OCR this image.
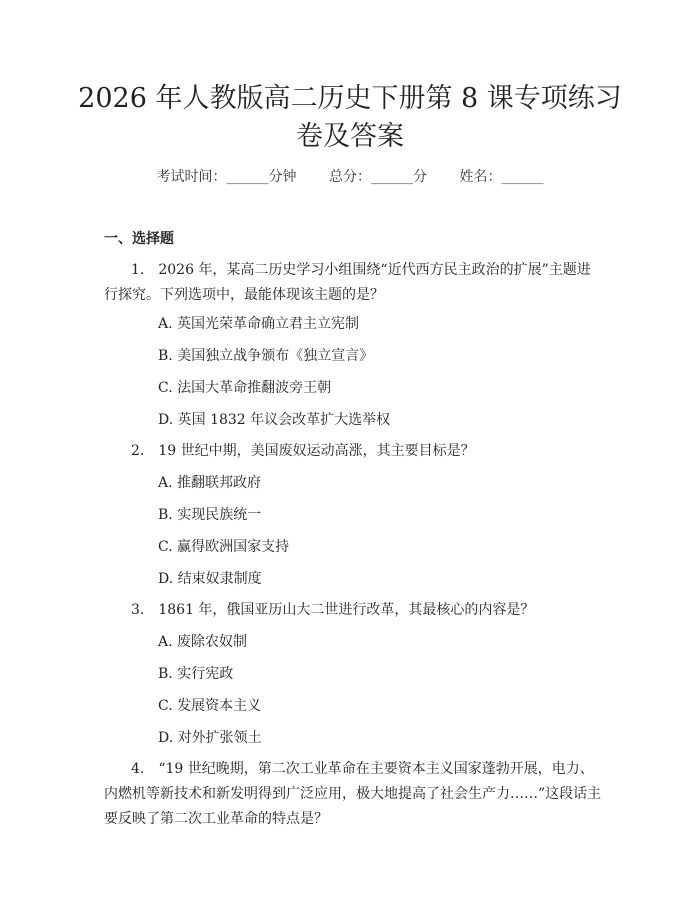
2026 年人教版高二历史下册第 8 课专项练习
卷及答案
考试时间：______分钟 总分：______分 姓名：______
一、选择题
1.　2026 年，某高二历史学习小组围绕“近代西方民主政治的扩展”主题进行探究。下列选项中，最能体现该主题的是？
A. 英国光荣革命确立君主立宪制
B. 美国独立战争颁布《独立宣言》
C. 法国大革命推翻波旁王朝
D. 英国 1832 年议会改革扩大选举权
2.　19 世纪中期，美国废奴运动高涨，其主要目标是？
A. 推翻联邦政府
B. 实现民族统一
C. 赢得欧洲国家支持
D. 结束奴隶制度
3.　1861 年，俄国亚历山大二世进行改革，其最核心的内容是？
A. 废除农奴制
B. 实行宪政
C. 发展资本主义
D. 对外扩张领土
4.　“19 世纪晚期，第二次工业革命在主要资本主义国家蓬勃开展，电力、内燃机等新技术和新发明得到广泛应用，极大地提高了社会生产力……”这段话主要反映了第二次工业革命的特点是？
